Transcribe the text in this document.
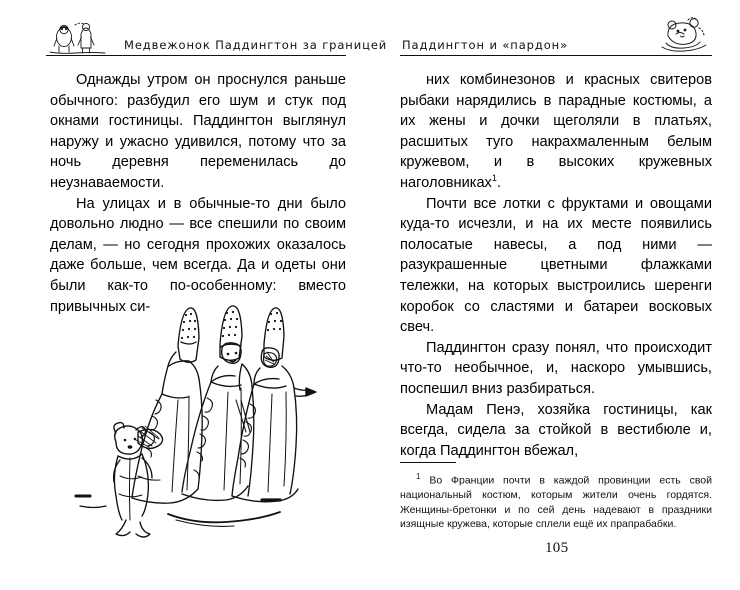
Медвежонок Паддингтон за границей Паддингтон и «пардон»

Однажды утром он проснулся раньше обычного: разбудил его шум и стук под окнами гостиницы. Паддингтон выглянул наружу и ужасно удивился, потому что за ночь деревня переменилась до неузнаваемости.

На улицах и в обычные-то дни было довольно людно — все спешили по своим делам, — но сегодня прохожих оказалось даже больше, чем всегда. Да и одеты они были как-то по-особенному: вместо привычных си-

них комбинезонов и красных свитеров рыбаки нарядились в парадные костюмы, а их жены и дочки щеголяли в платьях, расшитых туго накрахмаленным белым кружевом, и в высоких кружевных наголовниках$^1$.

Почти все лотки с фруктами и овощами куда-то исчезли, и на их месте появились полосатые навесы, а под ними — разукрашенные цветными флажками тележки, на которых выстроились шеренги коробок со сластями и батареи восковых свеч.

Паддингтон сразу понял, что происходит что-то необычное, и, наскоро умывшись, поспешил вниз разбираться.

Мадам Пенэ, хозяйка гостиницы, как всегда, сидела за стойкой в вестибюле и, когда Паддингтон вбежал,

$^1$ Во Франции почти в каждой провинции есть свой национальный костюм, которым жители очень гордятся. Женщины-бретонки и по сей день надевают в праздники изящные кружева, которые сплели ещё их прапрабабки.

105
